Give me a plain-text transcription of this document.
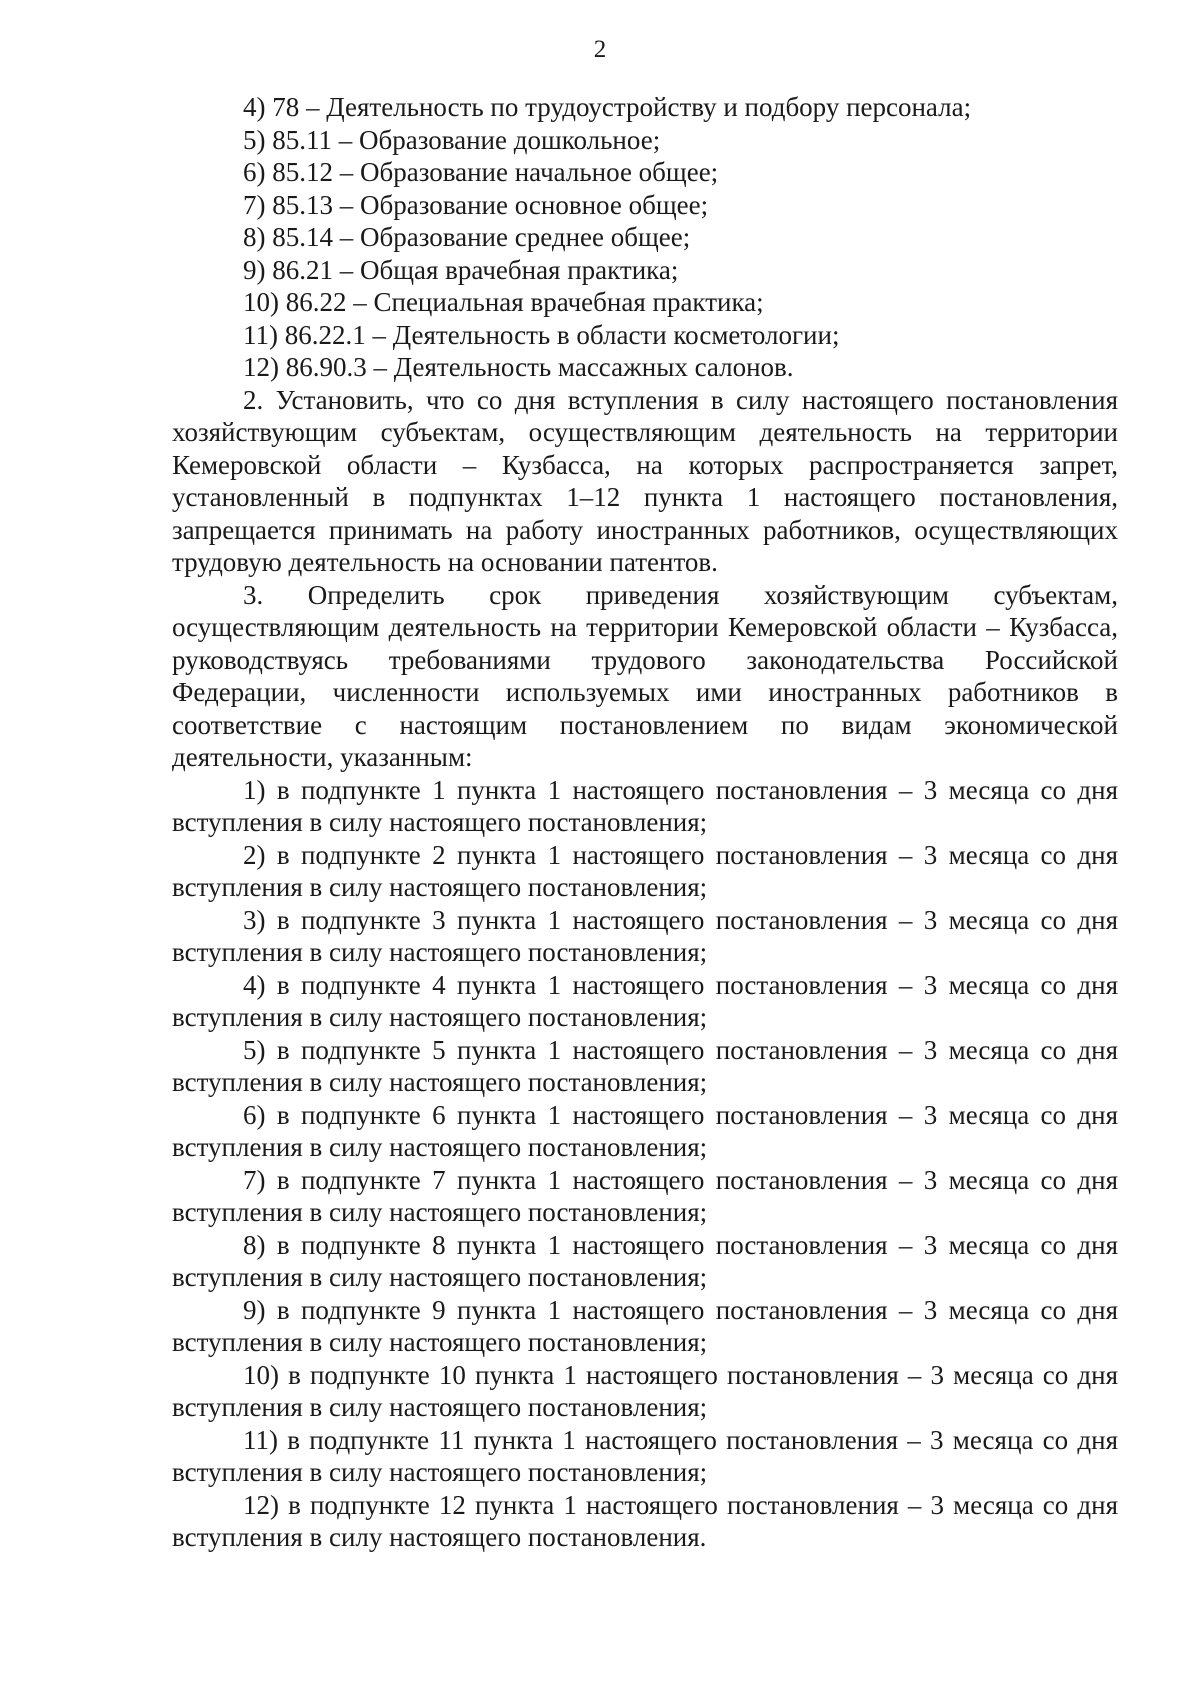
2

4) 78 – Деятельность по трудоустройству и подбору персонала;

5) 85.11 – Образование дошкольное;

6) 85.12 – Образование начальное общее;

7) 85.13 – Образование основное общее;

8) 85.14 – Образование среднее общее;

9) 86.21 – Общая врачебная практика;

10) 86.22 – Специальная врачебная практика;

11) 86.22.1 – Деятельность в области косметологии;

12) 86.90.3 – Деятельность массажных салонов.

2. Установить, что со дня вступления в силу настоящего постановления хозяйствующим субъектам, осуществляющим деятельность на территории Кемеровской области – Кузбасса, на которых распространяется запрет, установленный в подпунктах 1–12 пункта 1 настоящего постановления, запрещается принимать на работу иностранных работников, осуществляющих трудовую деятельность на основании патентов.

3. Определить срок приведения хозяйствующим субъектам, осуществляющим деятельность на территории Кемеровской области – Кузбасса, руководствуясь требованиями трудового законодательства Российской Федерации, численности используемых ими иностранных работников в соответствие с настоящим постановлением по видам экономической деятельности, указанным:

1) в подпункте 1 пункта 1 настоящего постановления – 3 месяца со дня вступления в силу настоящего постановления;

2) в подпункте 2 пункта 1 настоящего постановления – 3 месяца со дня вступления в силу настоящего постановления;

3) в подпункте 3 пункта 1 настоящего постановления – 3 месяца со дня вступления в силу настоящего постановления;

4) в подпункте 4 пункта 1 настоящего постановления – 3 месяца со дня вступления в силу настоящего постановления;

5) в подпункте 5 пункта 1 настоящего постановления – 3 месяца со дня вступления в силу настоящего постановления;

6) в подпункте 6 пункта 1 настоящего постановления – 3 месяца со дня вступления в силу настоящего постановления;

7) в подпункте 7 пункта 1 настоящего постановления – 3 месяца со дня вступления в силу настоящего постановления;

8) в подпункте 8 пункта 1 настоящего постановления – 3 месяца со дня вступления в силу настоящего постановления;

9) в подпункте 9 пункта 1 настоящего постановления – 3 месяца со дня вступления в силу настоящего постановления;

10) в подпункте 10 пункта 1 настоящего постановления – 3 месяца со дня вступления в силу настоящего постановления;

11) в подпункте 11 пункта 1 настоящего постановления – 3 месяца со дня вступления в силу настоящего постановления;

12) в подпункте 12 пункта 1 настоящего постановления – 3 месяца со дня вступления в силу настоящего постановления.
